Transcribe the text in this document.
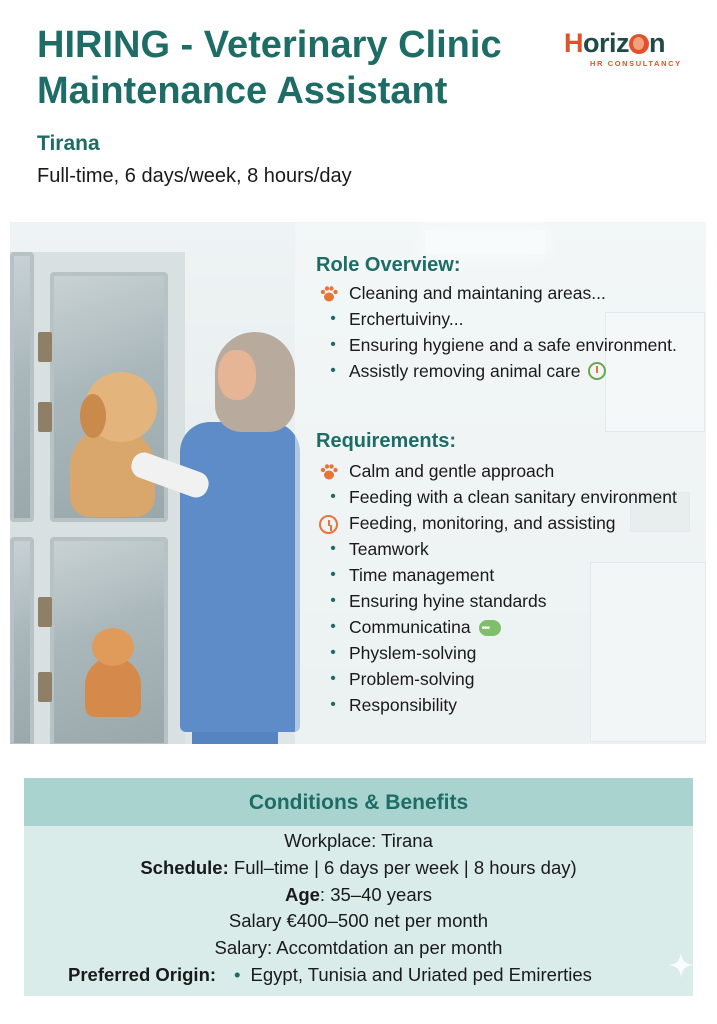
HIRING - Veterinary Clinic
Maintenance Assistant
Horiz n
HR CONSULTANCY
Tirana
Full-time, 6 days/week, 8 hours/day
Role Overview:
Cleaning and maintaning areas...
• Erchertuiviny...
• Ensuring hygiene and a safe environment.
• Assistly removing animal care
Requirements:
Calm and gentle approach
• Feeding with a clean sanitary environment
Feeding, monitoring, and assisting
• Teamwork
• Time management
• Ensuring hyine standards
• Communicatina•••
• Physlem-solving
• Problem-solving
• Responsibility
Conditions & Benefits
Workplace: Tirana
Schedule: Full–time | 6 days per week | 8 hours day)
Age: 35–40 years
Salary €400–500 net per month
Salary: Accomtdation an per month
Preferred Origin: • Egypt, Tunisia and Uriated ped Emirerties
